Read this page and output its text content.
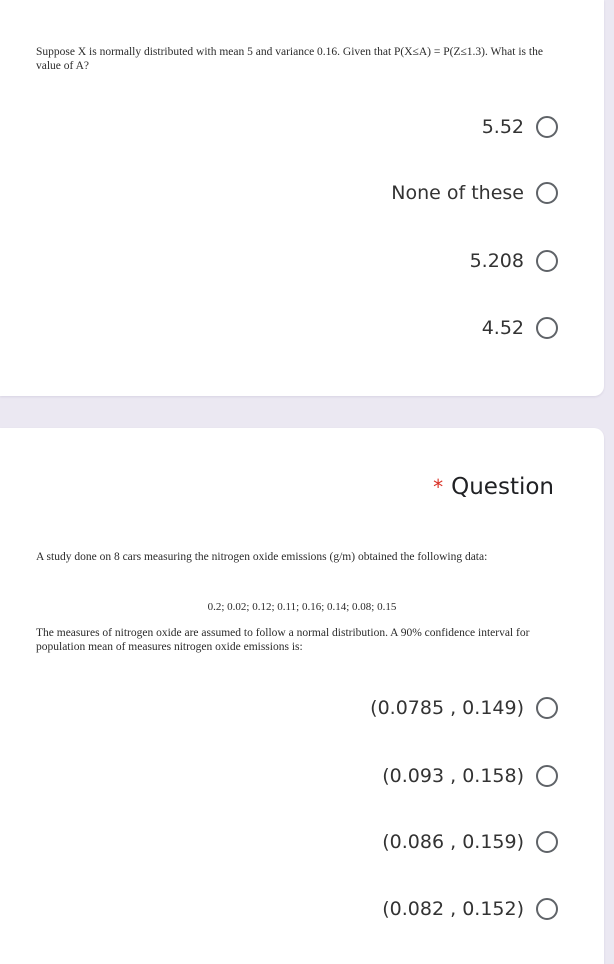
Suppose X is normally distributed with mean 5 and variance 0.16. Given that P(X≤A) = P(Z≤1.3). What is the value of A?
5.52
None of these
5.208
4.52
* Question
A study done on 8 cars measuring the nitrogen oxide emissions (g/m) obtained the following data:
0.2; 0.02; 0.12; 0.11; 0.16; 0.14; 0.08; 0.15
The measures of nitrogen oxide are assumed to follow a normal distribution. A 90% confidence interval for population mean of measures nitrogen oxide emissions is:
(0.0785 , 0.149)
(0.093 , 0.158)
(0.086 , 0.159)
(0.082 , 0.152)
